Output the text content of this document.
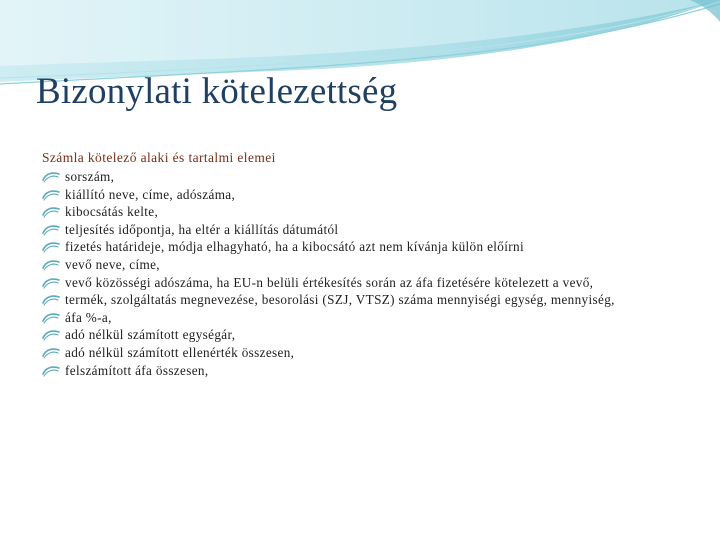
Bizonylati kötelezettség
Számla kötelező alaki és tartalmi elemei
sorszám,
kiállító neve, címe, adószáma,
kibocsátás kelte,
teljesítés időpontja, ha eltér a kiállítás dátumától
fizetés határideje, módja elhagyható, ha a kibocsátó azt nem kívánja külön előírni
vevő neve, címe,
vevő közösségi adószáma, ha EU-n belüli értékesítés során az áfa fizetésére kötelezett a vevő,
termék, szolgáltatás megnevezése, besorolási (SZJ, VTSZ) száma mennyiségi egység, mennyiség,
áfa %-a,
adó nélkül számított egységár,
adó nélkül számított ellenérték összesen,
felszámított áfa összesen,
